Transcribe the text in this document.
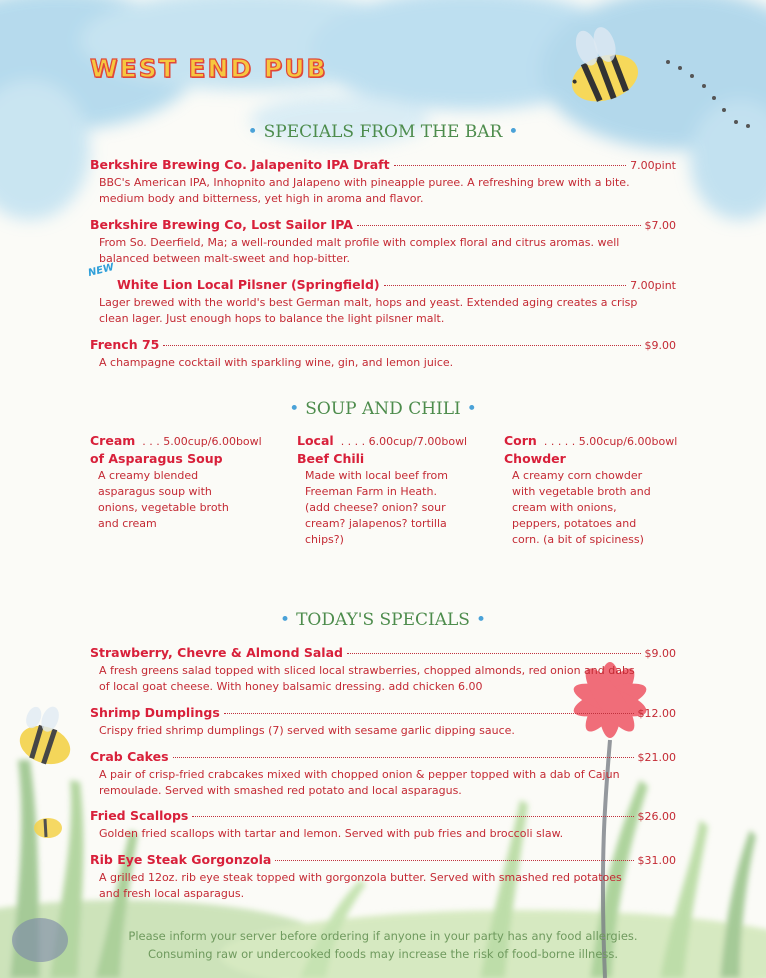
WEST END PUB
• SPECIALS FROM THE BAR •
Berkshire Brewing Co. Jalapenito IPA Draft	7.00pint
BBC's American IPA, Inhopnito and Jalapeno with pineapple puree. A refreshing brew with a bite. medium body and bitterness, yet high in aroma and flavor.
Berkshire Brewing Co, Lost Sailor IPA	$7.00
From So. Deerfield, Ma; a well-rounded malt profile with complex floral and citrus aromas. well balanced between malt-sweet and hop-bitter.
NEW
White Lion Local Pilsner (Springfield)	7.00pint
Lager brewed with the world's best German malt, hops and yeast. Extended aging creates a crisp clean lager. Just enough hops to balance the light pilsner malt.
French 75	$9.00
A champagne cocktail with sparkling wine, gin, and lemon juice.
• SOUP AND CHILI •
Cream . . . 5.00cup/6.00bowl
of Asparagus Soup
A creamy blended asparagus soup with onions, vegetable broth and cream
Local . . . . 6.00cup/7.00bowl
Beef Chili
Made with local beef from Freeman Farm in Heath. (add cheese? onion? sour cream? jalapenos? tortilla chips?)
Corn . . . . . 5.00cup/6.00bowl
Chowder
A creamy corn chowder with vegetable broth and cream with onions, peppers, potatoes and corn. (a bit of spiciness)
• TODAY'S SPECIALS •
Strawberry, Chevre & Almond Salad	$9.00
A fresh greens salad topped with sliced local strawberries, chopped almonds, red onion and dabs of local goat cheese. With honey balsamic dressing. add chicken 6.00
Shrimp Dumplings	$12.00
Crispy fried shrimp dumplings (7) served with sesame garlic dipping sauce.
Crab Cakes	$21.00
A pair of crisp-fried crabcakes mixed with chopped onion & pepper topped with a dab of Cajun remoulade. Served with smashed red potato and local asparagus.
Fried Scallops	$26.00
Golden fried scallops with tartar and lemon. Served with pub fries and broccoli slaw.
Rib Eye Steak Gorgonzola	$31.00
A grilled 12oz. rib eye steak topped with gorgonzola butter. Served with smashed red potatoes and fresh local asparagus.
Please inform your server before ordering if anyone in your party has any food allergies.
Consuming raw or undercooked foods may increase the risk of food-borne illness.
